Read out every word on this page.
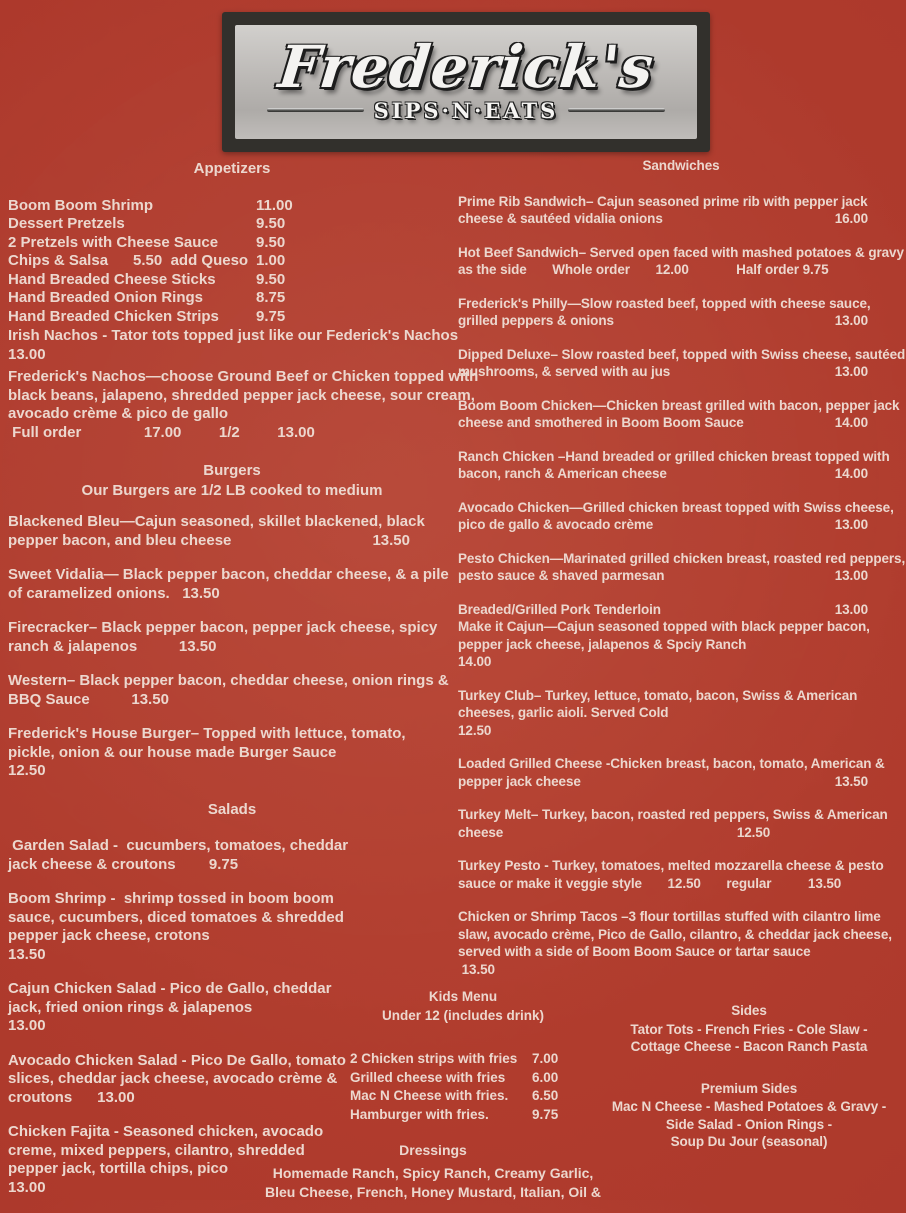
Frederick's
SIPS·N·EATS
Appetizers
Boom Boom Shrimp	11.00
Dessert Pretzels	9.50
2 Pretzels with Cheese Sauce	9.50
Chips & Salsa      5.50  add Queso 1.00
Hand Breaded Cheese Sticks	9.50
Hand Breaded Onion Rings	8.75
Hand Breaded Chicken Strips 9.75
Irish Nachos - Tator tots topped just like our Federick's Nachos
13.00
Frederick's Nachos—choose Ground Beef or Chicken topped with
black beans, jalapeno, shredded pepper jack cheese, sour cream,
avocado crème & pico de gallo
Full order               17.00         1/2         13.00
Burgers
Our Burgers are 1/2 LB cooked to medium
Blackened Bleu—Cajun seasoned, skillet blackened, black
pepper bacon, and bleu cheese	13.50
Sweet Vidalia— Black pepper bacon, cheddar cheese, & a pile
of caramelized onions.   13.50
Firecracker– Black pepper bacon, pepper jack cheese, spicy
ranch & jalapenos          13.50
Western– Black pepper bacon, cheddar cheese, onion rings &
BBQ Sauce          13.50
Frederick's House Burger– Topped with lettuce, tomato,
pickle, onion & our house made Burger Sauce
12.50
Salads
Garden Salad -  cucumbers, tomatoes, cheddar
jack cheese & croutons        9.75
Boom Shrimp -  shrimp tossed in boom boom
sauce, cucumbers, diced tomatoes & shredded
pepper jack cheese, crotons
13.50
Cajun Chicken Salad - Pico de Gallo, cheddar
jack, fried onion rings & jalapenos
13.00
Avocado Chicken Salad - Pico De Gallo, tomato
slices, cheddar jack cheese, avocado crème &
croutons      13.00
Chicken Fajita - Seasoned chicken, avocado
creme, mixed peppers, cilantro, shredded
pepper jack, tortilla chips, pico
13.00
Sandwiches
Prime Rib Sandwich– Cajun seasoned prime rib with pepper jack
cheese & sautéed vidalia onions	16.00
Hot Beef Sandwich– Served open faced with mashed potatoes & gravy
as the side       Whole order       12.00             Half order 9.75
Frederick's Philly—Slow roasted beef, topped with cheese sauce,
grilled peppers & onions	13.00
Dipped Deluxe– Slow roasted beef, topped with Swiss cheese, sautéed
mushrooms, & served with au jus	13.00
Boom Boom Chicken—Chicken breast grilled with bacon, pepper jack
cheese and smothered in Boom Boom Sauce	14.00
Ranch Chicken –Hand breaded or grilled chicken breast topped with
bacon, ranch & American cheese	14.00
Avocado Chicken—Grilled chicken breast topped with Swiss cheese,
pico de gallo & avocado crème	13.00
Pesto Chicken—Marinated grilled chicken breast, roasted red peppers,
pesto sauce & shaved parmesan	13.00
Breaded/Grilled Pork Tenderloin	13.00
Make it Cajun—Cajun seasoned topped with black pepper bacon,
pepper jack cheese, jalapenos & Spciy Ranch
14.00
Turkey Club– Turkey, lettuce, tomato, bacon, Swiss & American
cheeses, garlic aioli. Served Cold
12.50
Loaded Grilled Cheese -Chicken breast, bacon, tomato, American &
pepper jack cheese	13.50
Turkey Melt– Turkey, bacon, roasted red peppers, Swiss & American
cheese                                                                12.50
Turkey Pesto - Turkey, tomatoes, melted mozzarella cheese & pesto
sauce or make it veggie style       12.50       regular          13.50
Chicken or Shrimp Tacos –3 flour tortillas stuffed with cilantro lime
slaw, avocado crème, Pico de Gallo, cilantro, & cheddar jack cheese,
served with a side of Boom Boom Sauce or tartar sauce
13.50
Sides
Tator Tots - French Fries - Cole Slaw -
Cottage Cheese - Bacon Ranch Pasta
Premium Sides
Mac N Cheese - Mashed Potatoes & Gravy -
Side Salad - Onion Rings -
Soup Du Jour (seasonal)
Kids Menu
Under 12 (includes drink)
2 Chicken strips with fries 7.00
Grilled cheese with fries 6.00
Mac N Cheese with fries. 6.50
Hamburger with fries.	9.75
Dressings
Homemade Ranch, Spicy Ranch, Creamy Garlic,
Bleu Cheese, French, Honey Mustard, Italian, Oil &
